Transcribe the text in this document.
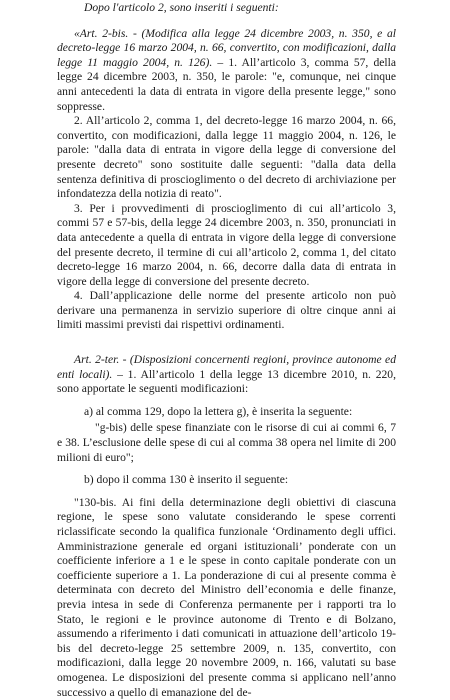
Dopo l'articolo 2, sono inseriti i seguenti:

«Art. 2-bis. - (Modifica alla legge 24 dicembre 2003, n. 350, e al decreto-legge 16 marzo 2004, n. 66, convertito, con modificazioni, dalla legge 11 maggio 2004, n. 126). – 1. All’articolo 3, comma 57, della legge 24 dicembre 2003, n. 350, le parole: "e, comunque, nei cinque anni antecedenti la data di entrata in vigore della presente legge," sono soppresse.

2. All’articolo 2, comma 1, del decreto-legge 16 marzo 2004, n. 66, convertito, con modificazioni, dalla legge 11 maggio 2004, n. 126, le parole: "dalla data di entrata in vigore della legge di conversione del presente decreto" sono sostituite dalle seguenti: "dalla data della sentenza definitiva di proscioglimento o del decreto di archiviazione per infondatezza della notizia di reato".

3. Per i provvedimenti di proscioglimento di cui all’articolo 3, commi 57 e 57-bis, della legge 24 dicembre 2003, n. 350, pronunciati in data antecedente a quella di entrata in vigore della legge di conversione del presente decreto, il termine di cui all’articolo 2, comma 1, del citato decreto-legge 16 marzo 2004, n. 66, decorre dalla data di entrata in vigore della legge di conversione del presente decreto.

4. Dall’applicazione delle norme del presente articolo non può derivare una permanenza in servizio superiore di oltre cinque anni ai limiti massimi previsti dai rispettivi ordinamenti.

Art. 2-ter. - (Disposizioni concernenti regioni, province autonome ed enti locali). – 1. All’articolo 1 della legge 13 dicembre 2010, n. 220, sono apportate le seguenti modificazioni:

a) al comma 129, dopo la lettera g), è inserita la seguente:

"g-bis) delle spese finanziate con le risorse di cui ai commi 6, 7 e 38. L’esclusione delle spese di cui al comma 38 opera nel limite di 200 milioni di euro";

b) dopo il comma 130 è inserito il seguente:

"130-bis. Ai fini della determinazione degli obiettivi di ciascuna regione, le spese sono valutate considerando le spese correnti riclassificate secondo la qualifica funzionale ‘Ordinamento degli uffici. Amministrazione generale ed organi istituzionali’ ponderate con un coefficiente inferiore a 1 e le spese in conto capitale ponderate con un coefficiente superiore a 1. La ponderazione di cui al presente comma è determinata con decreto del Ministro dell’economia e delle finanze, previa intesa in sede di Conferenza permanente per i rapporti tra lo Stato, le regioni e le province autonome di Trento e di Bolzano, assumendo a riferimento i dati comunicati in attuazione dell’articolo 19-bis del decreto-legge 25 settembre 2009, n. 135, convertito, con modificazioni, dalla legge 20 novembre 2009, n. 166, valutati su base omogenea. Le disposizioni del presente comma si applicano nell’anno successivo a quello di emanazione del de-
